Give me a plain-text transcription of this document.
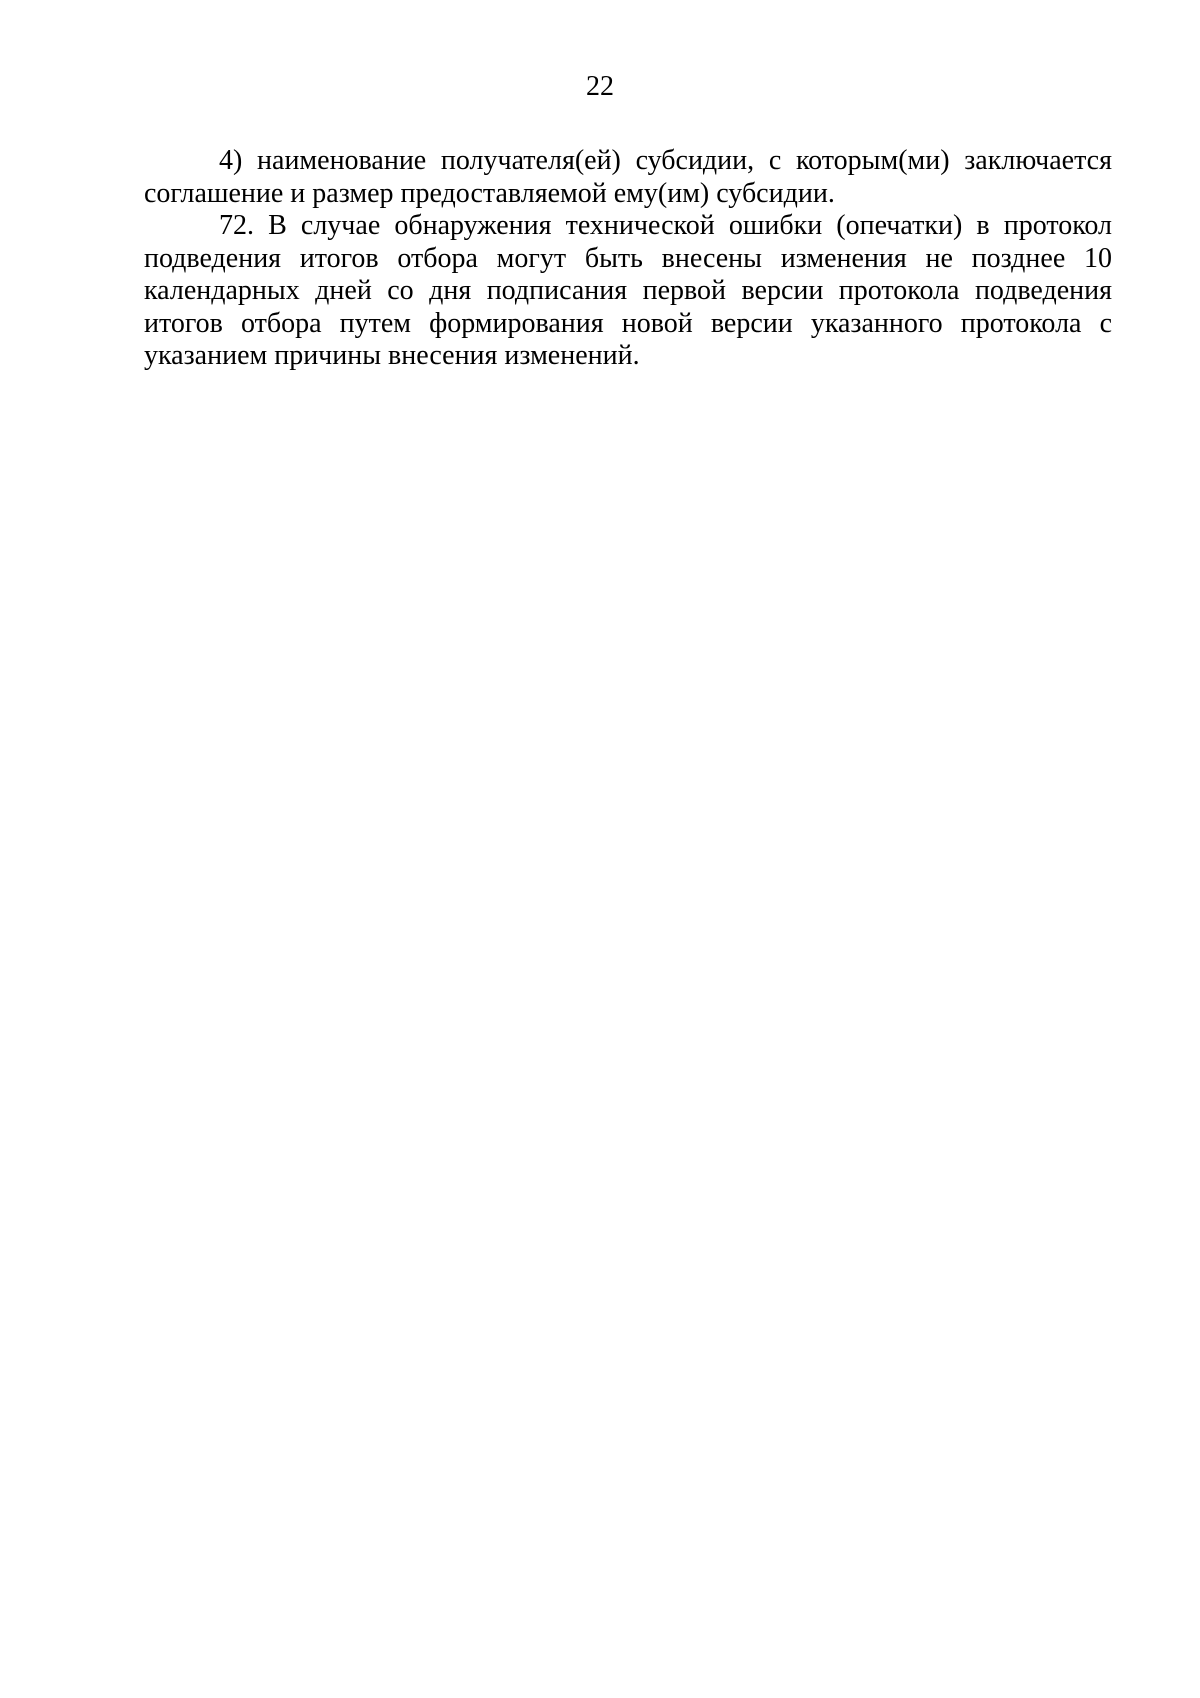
22

4) наименование получателя(ей) субсидии, с которым(ми) заключается соглашение и размер предоставляемой ему(им) субсидии.

72. В случае обнаружения технической ошибки (опечатки) в протокол подведения итогов отбора могут быть внесены изменения не позднее 10 календарных дней со дня подписания первой версии протокола подведения итогов отбора путем формирования новой версии указанного протокола с указанием причины внесения изменений.
